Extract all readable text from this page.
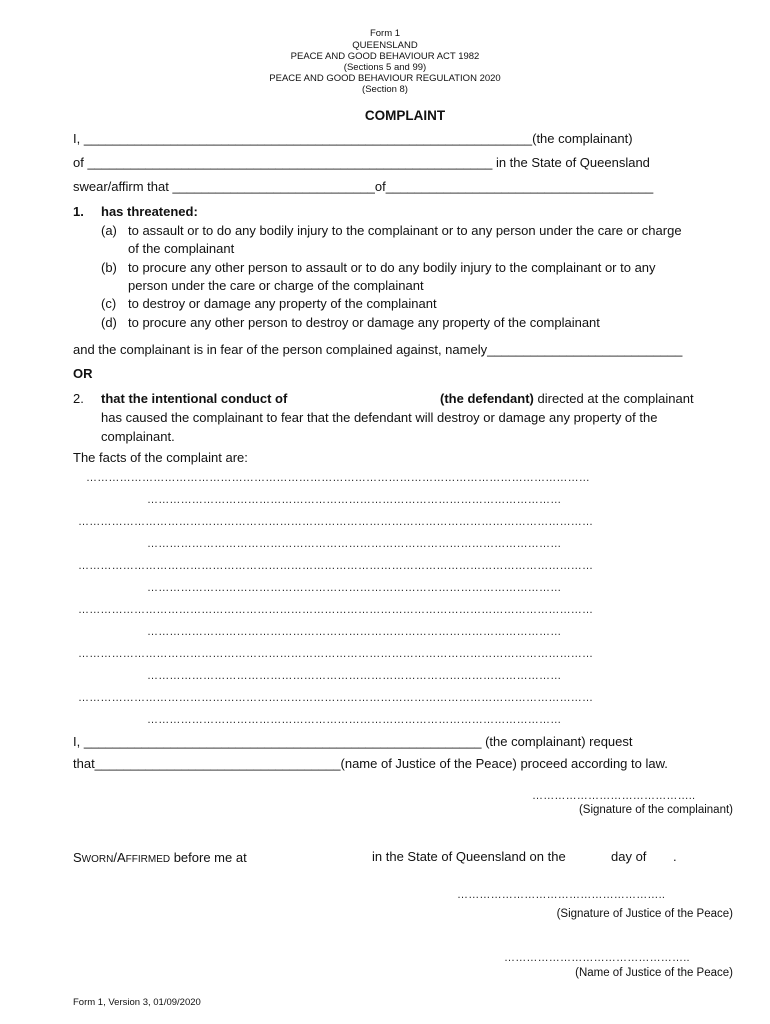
Form 1
QUEENSLAND
PEACE AND GOOD BEHAVIOUR ACT 1982
(Sections 5 and 99)
PEACE AND GOOD BEHAVIOUR REGULATION 2020
(Section 8)
COMPLAINT
I, ______________________________________________________________(the complainant)
of ________________________________________________________ in the State of Queensland
swear/affirm that ____________________________of_____________________________________
1. has threatened:
(a) to assault or to do any bodily injury to the complainant or to any person under the care or charge
of the complainant
(b) to procure any other person to assault or to do any bodily injury to the complainant or to any
person under the care or charge of the complainant
(c) to destroy or damage any property of the complainant
(d) to procure any other person to destroy or damage any property of the complainant
and the complainant is in fear of the person complained against, namely___________________________
OR
2. that the intentional conduct of	(the defendant) directed at the complainant
has caused the complainant to fear that the defendant will destroy or damage any property of the
complainant.
The facts of the complaint are:
………………………………………………………………………………………………………………………
…………………………………………………………………………………………………
…………………………………………………………………………………………………………………………
…………………………………………………………………………………………………
…………………………………………………………………………………………………………………………
…………………………………………………………………………………………………
…………………………………………………………………………………………………………………………
…………………………………………………………………………………………………
…………………………………………………………………………………………………………………………
…………………………………………………………………………………………………
…………………………………………………………………………………………………………………………
…………………………………………………………………………………………………
I, _______________________________________________________ (the complainant) request
that__________________________________(name of Justice of the Peace) proceed according to law.
……………………………………..
(Signature of the complainant)
SWORN/AFFIRMED before me at	in the State of Queensland on the	day of .
………………………………………………..
(Signature of Justice of the Peace)
…………………………………………..
(Name of Justice of the Peace)
Form 1, Version 3, 01/09/2020
